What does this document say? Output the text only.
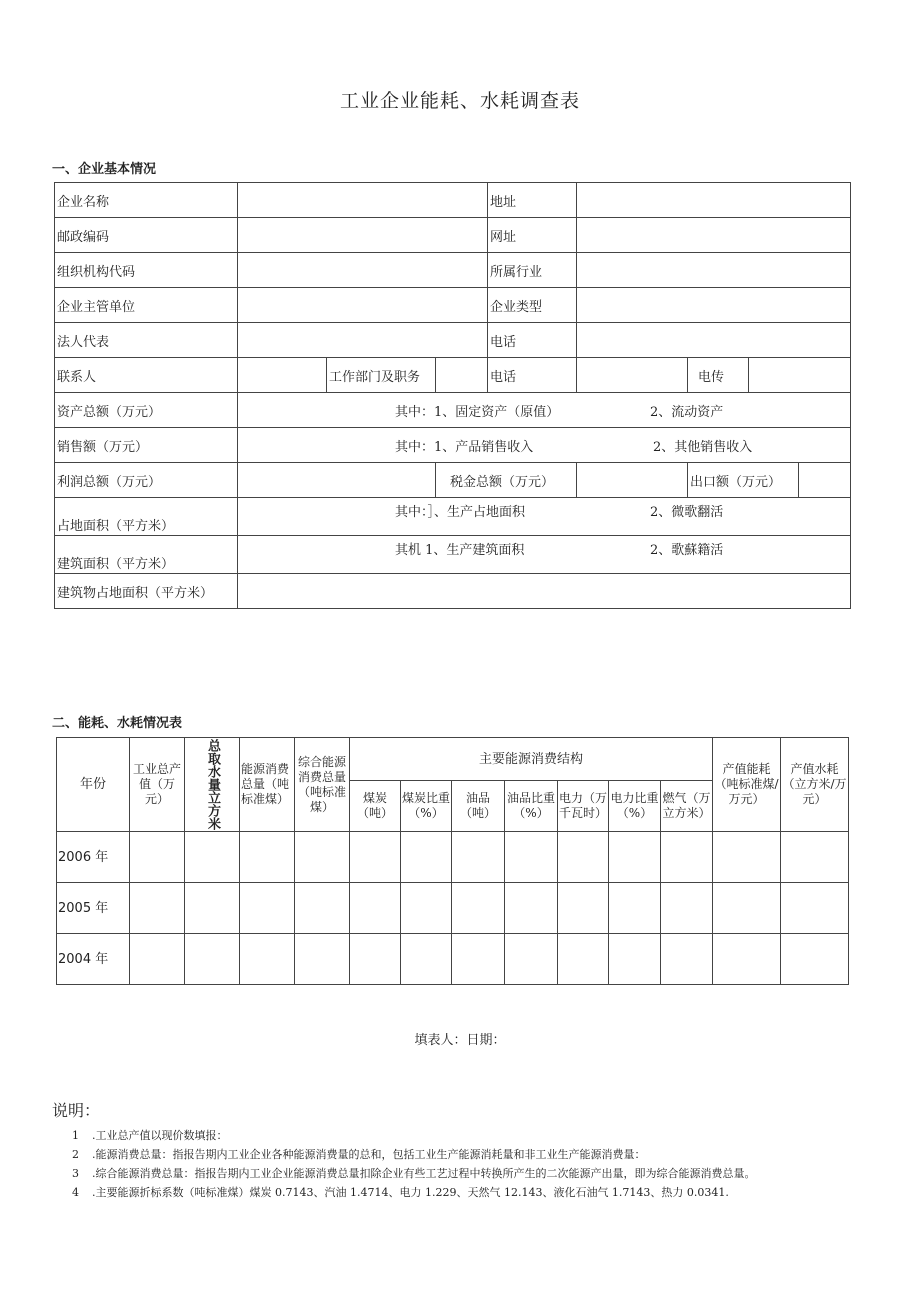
工业企业能耗、水耗调查表
一、企业基本情况
企业名称				地址				
邮政编码				网址				
组织机构代码				所属行业				
企业主管单位				企业类型				
法人代表				电话				
联系人		工作部门及职务		电话		电传		
资产总额（万元）	其中：1、固定资产（原值） 2、流动资产							
销售额（万元）	其中：1、产品销售收入 2、其他销售收入							
利润总额（万元）			税金总额（万元）			出口额（万元）		
占地面积（平方米）	其中：］、生产占地面积 2、微歌翻活							
建筑面积（平方米）	其机 1、生产建筑面积 2、歌蘇籍活							
建筑物占地面积（平方米）								
二、能耗、水耗情况表
年份	工业总产值（万元）	总取水量立方米	能源消费总量（吨标准煤）	综合能源消费总量（吨标准煤）	主要能源消费结构							产值能耗（吨标准煤/万元）	产值水耗（立方米/万元）
					煤炭（吨）	煤炭比重（%）	油品（吨）	油品比重（%）	电力（万千瓦时）	电力比重（%）	燃气（万立方米）		
2006 年													
2005 年													
2004 年													
填表人：日期：
说明：
1 .工业总产值以现价数填报：
2 .能源消费总量：指报告期内工业企业各种能源消费量的总和，包括工业生产能源消耗量和非工业生产能源消费量：
3 .综合能源消费总量：指报告期内工业企业能源消费总量扣除企业有些工艺过程中转换所产生的二次能源产出量，即为综合能源消费总量。
4 .主要能源折标系数（吨标准煤）煤炭 0.7143、汽油 1.4714、电力 1.229、天然气 12.143、液化石油气 1.7143、热力 0.0341.
